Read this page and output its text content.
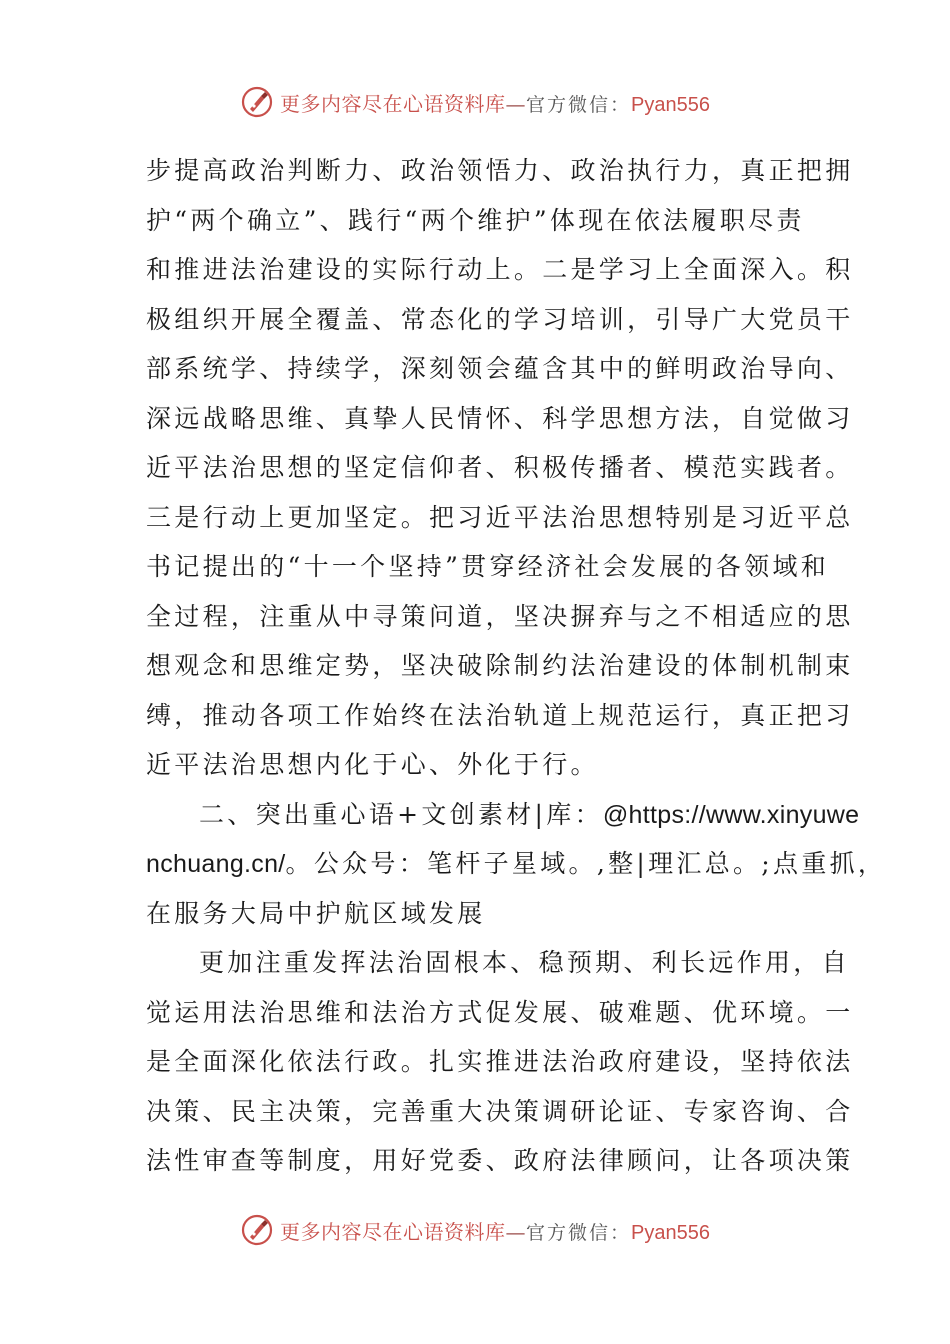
更多内容尽在心语资料库—官方微信：Pyan556
步提高政治判断力、政治领悟力、政治执行力，真正把拥
护“两个确立”、践行“两个维护”体现在依法履职尽责
和推进法治建设的实际行动上。二是学习上全面深入。积
极组织开展全覆盖、常态化的学习培训，引导广大党员干
部系统学、持续学，深刻领会蕴含其中的鲜明政治导向、
深远战略思维、真挚人民情怀、科学思想方法，自觉做习
近平法治思想的坚定信仰者、积极传播者、模范实践者。
三是行动上更加坚定。把习近平法治思想特别是习近平总
书记提出的“十一个坚持”贯穿经济社会发展的各领域和
全过程，注重从中寻策问道，坚决摒弃与之不相适应的思
想观念和思维定势，坚决破除制约法治建设的体制机制束
缚，推动各项工作始终在法治轨道上规范运行，真正把习
近平法治思想内化于心、外化于行。
二、突出重心语+文创素材|库：@https://www.xinyuwe
nchuang.cn/。公众号：笔杆子星域。,整|理汇总。;点重抓，
在服务大局中护航区域发展
更加注重发挥法治固根本、稳预期、利长远作用，自
觉运用法治思维和法治方式促发展、破难题、优环境。一
是全面深化依法行政。扎实推进法治政府建设，坚持依法
决策、民主决策，完善重大决策调研论证、专家咨询、合
法性审查等制度，用好党委、政府法律顾问，让各项决策
更多内容尽在心语资料库—官方微信：Pyan556
